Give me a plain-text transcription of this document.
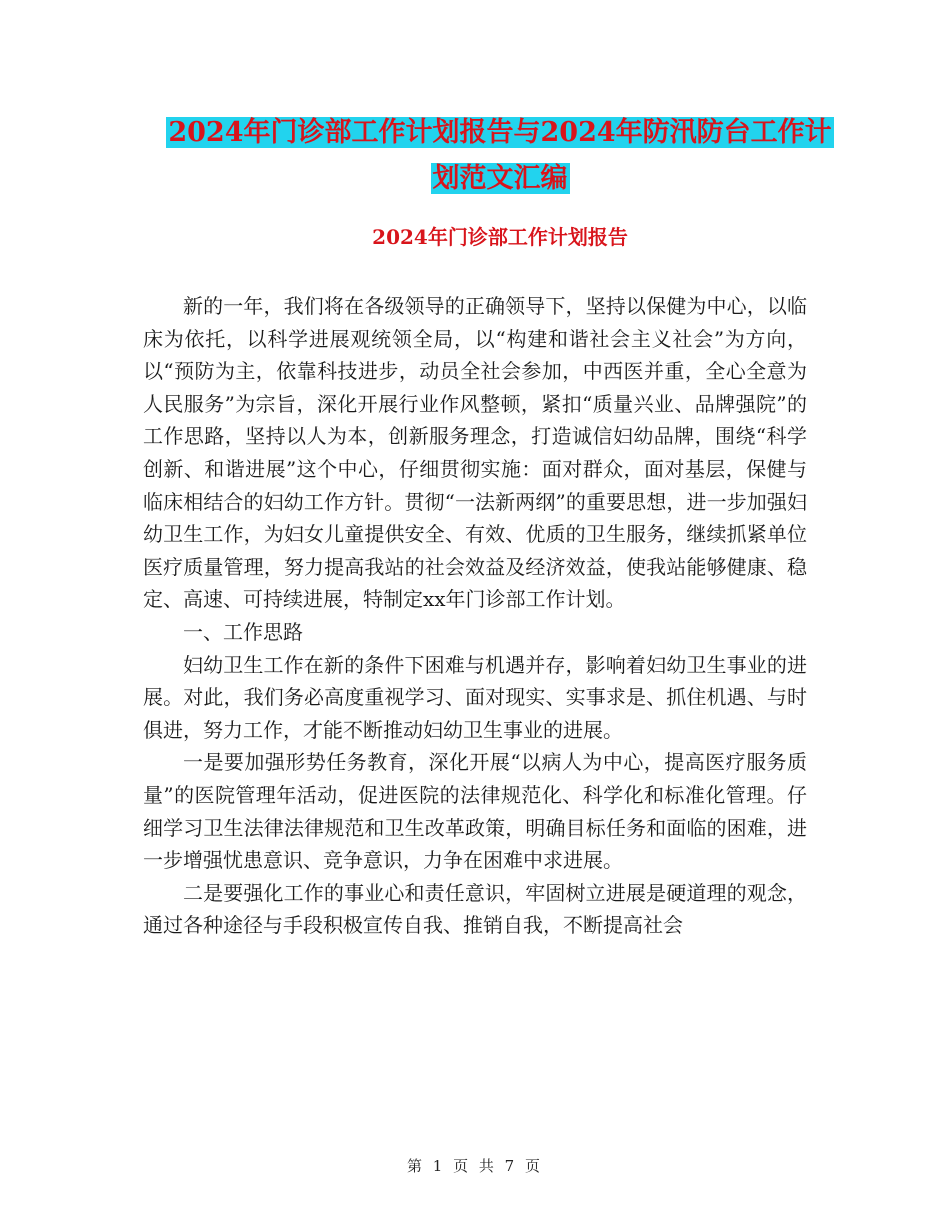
2024年门诊部工作计划报告与2024年防汛防台工作计
划范文汇编
2024年门诊部工作计划报告

新的一年，我们将在各级领导的正确领导下，坚持以保健为中心，以临床为依托，以科学进展观统领全局，以“构建和谐社会主义社会”为方向，以“预防为主，依靠科技进步，动员全社会参加，中西医并重，全心全意为人民服务”为宗旨，深化开展行业作风整顿，紧扣“质量兴业、品牌强院”的工作思路，坚持以人为本，创新服务理念，打造诚信妇幼品牌，围绕“科学创新、和谐进展”这个中心，仔细贯彻实施：面对群众，面对基层，保健与临床相结合的妇幼工作方针。贯彻“一法新两纲”的重要思想，进一步加强妇幼卫生工作，为妇女儿童提供安全、有效、优质的卫生服务，继续抓紧单位医疗质量管理，努力提高我站的社会效益及经济效益，使我站能够健康、稳定、高速、可持续进展，特制定xx年门诊部工作计划。

一、工作思路

妇幼卫生工作在新的条件下困难与机遇并存，影响着妇幼卫生事业的进展。对此，我们务必高度重视学习、面对现实、实事求是、抓住机遇、与时俱进，努力工作，才能不断推动妇幼卫生事业的进展。

一是要加强形势任务教育，深化开展“以病人为中心，提高医疗服务质量”的医院管理年活动，促进医院的法律规范化、科学化和标准化管理。仔细学习卫生法律法律规范和卫生改革政策，明确目标任务和面临的困难，进一步增强忧患意识、竞争意识，力争在困难中求进展。

二是要强化工作的事业心和责任意识，牢固树立进展是硬道理的观念，通过各种途径与手段积极宣传自我、推销自我，不断提高社会

第 1 页 共 7 页
